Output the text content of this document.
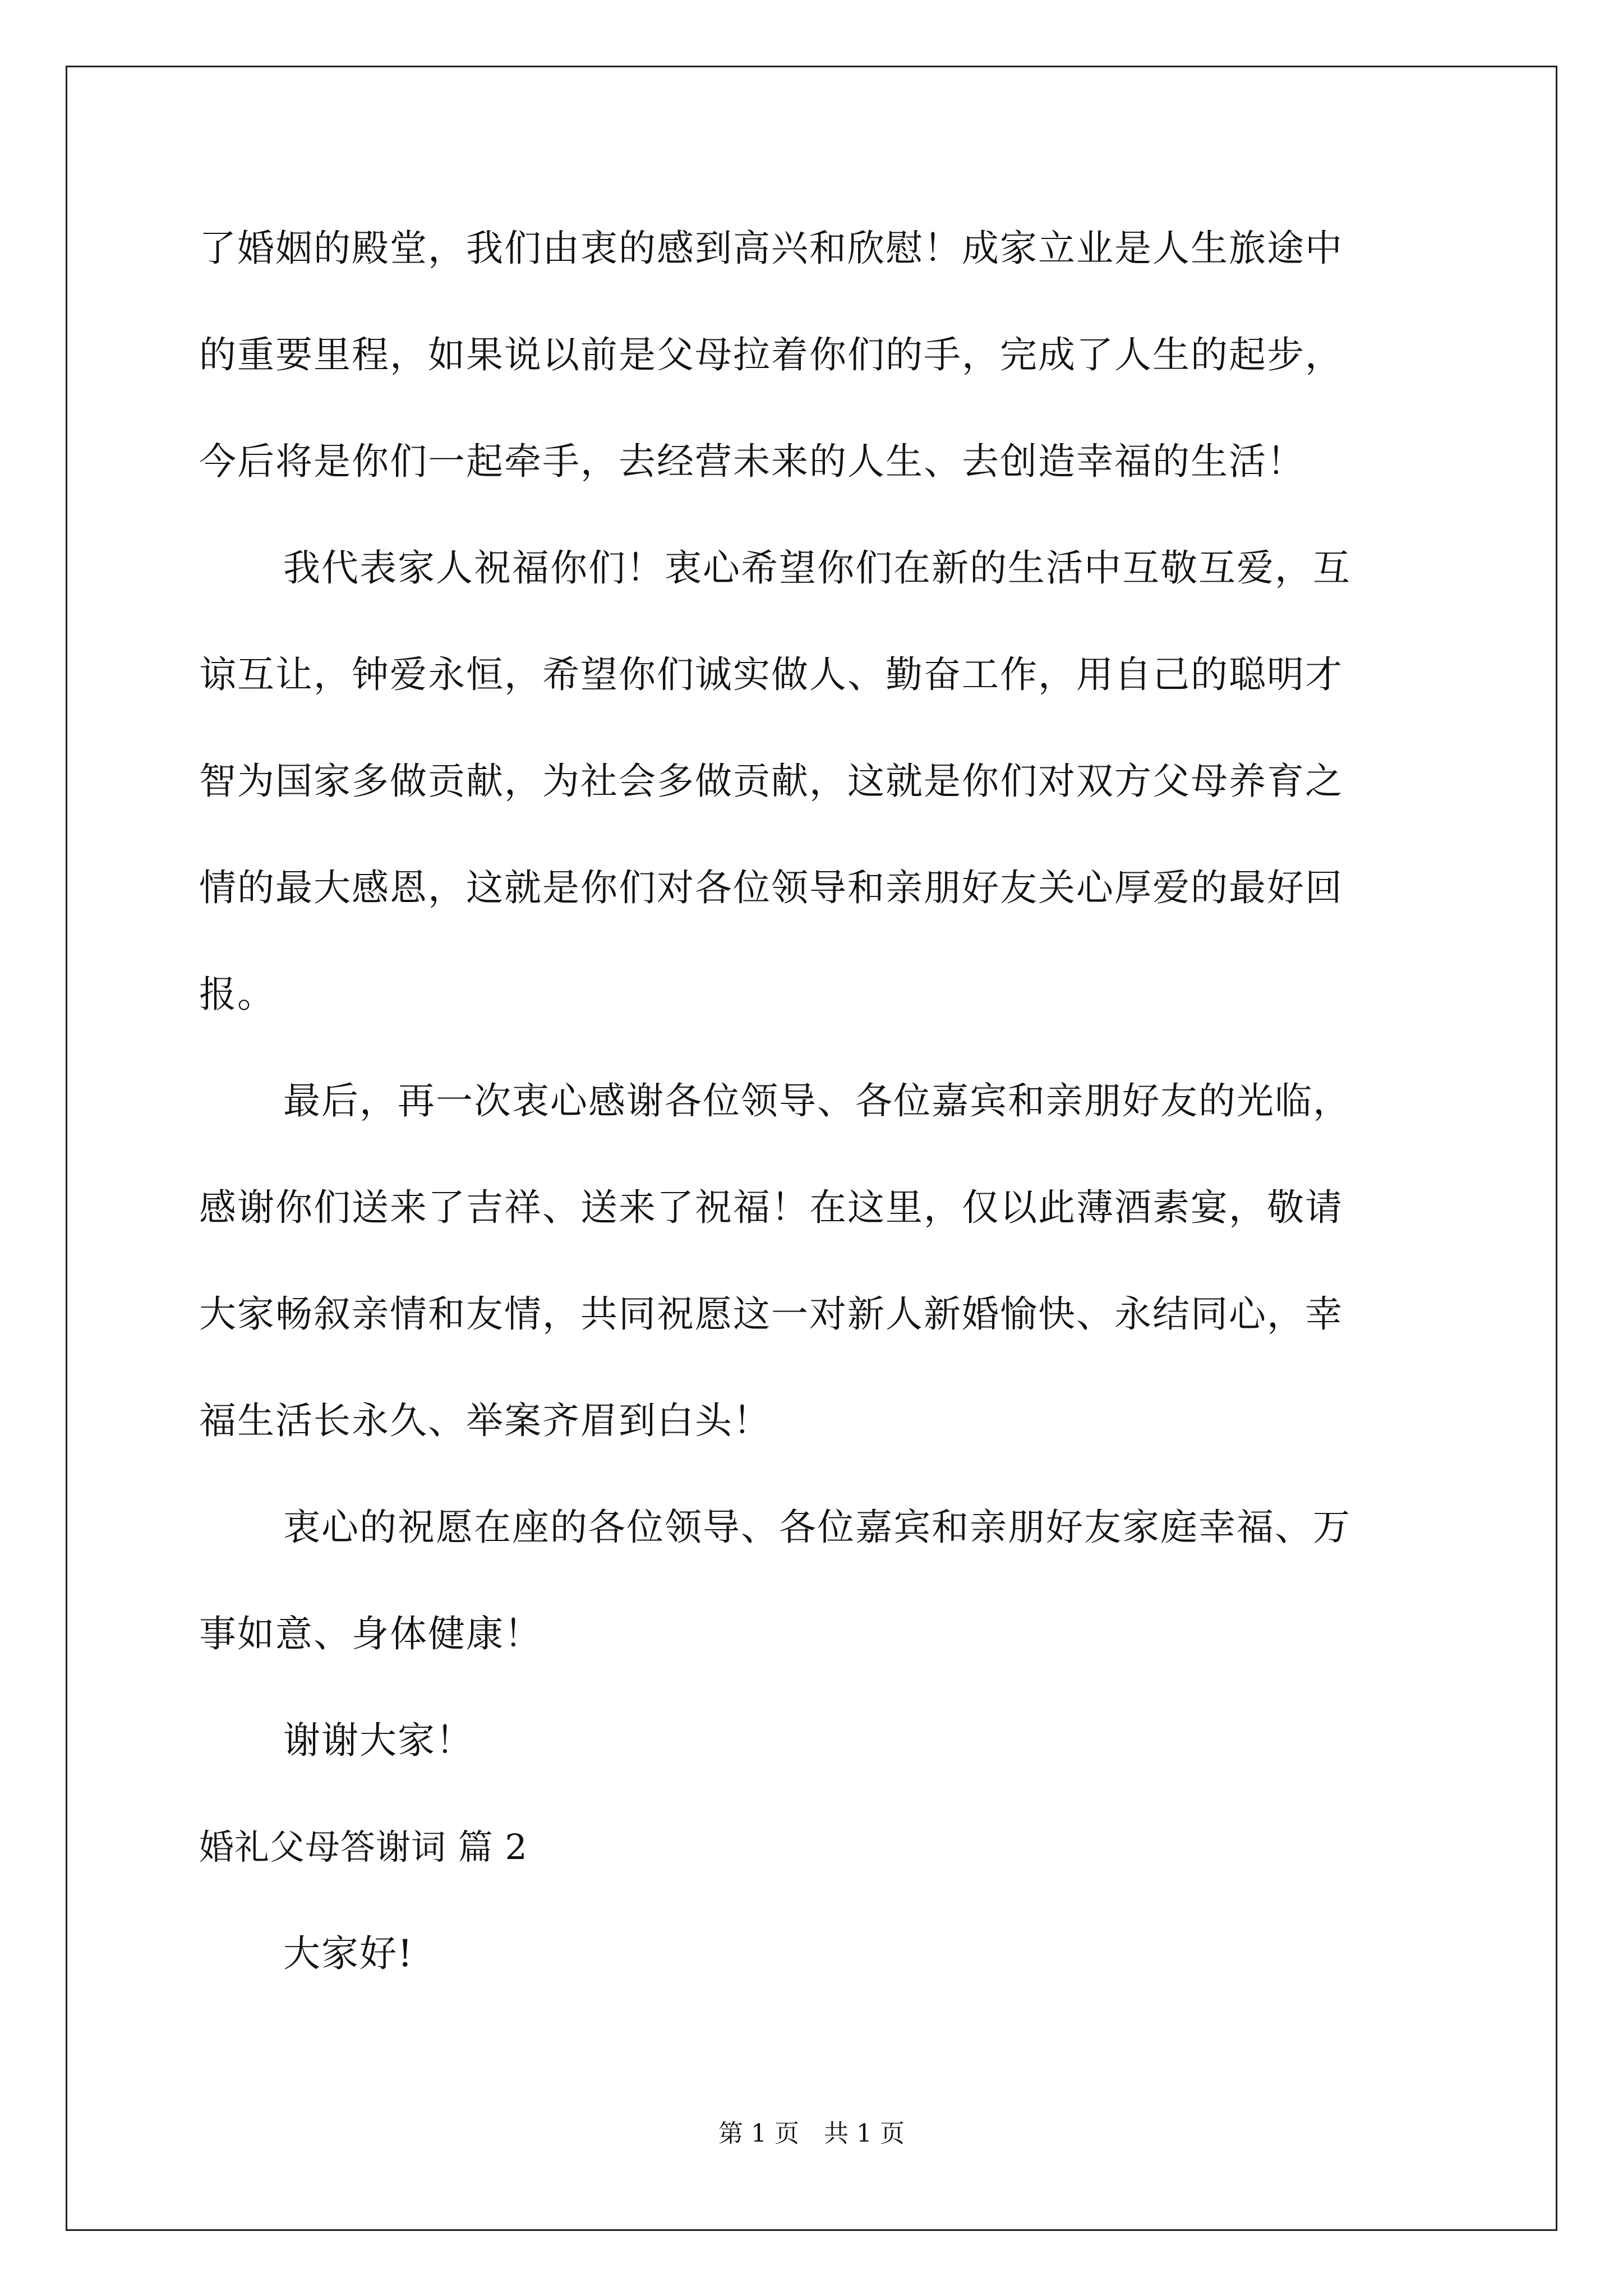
了婚姻的殿堂，我们由衷的感到高兴和欣慰！成家立业是人生旅途中
的重要里程，如果说以前是父母拉着你们的手，完成了人生的起步，
今后将是你们一起牵手，去经营未来的人生、去创造幸福的生活！
我代表家人祝福你们！衷心希望你们在新的生活中互敬互爱，互
谅互让，钟爱永恒，希望你们诚实做人、勤奋工作，用自己的聪明才
智为国家多做贡献，为社会多做贡献，这就是你们对双方父母养育之
情的最大感恩，这就是你们对各位领导和亲朋好友关心厚爱的最好回
报。
最后，再一次衷心感谢各位领导、各位嘉宾和亲朋好友的光临，
感谢你们送来了吉祥、送来了祝福！在这里，仅以此薄酒素宴，敬请
大家畅叙亲情和友情，共同祝愿这一对新人新婚愉快、永结同心，幸
福生活长永久、举案齐眉到白头！
衷心的祝愿在座的各位领导、各位嘉宾和亲朋好友家庭幸福、万
事如意、身体健康！
谢谢大家！
婚礼父母答谢词 篇 2
大家好!
第 1 页 共 1 页
